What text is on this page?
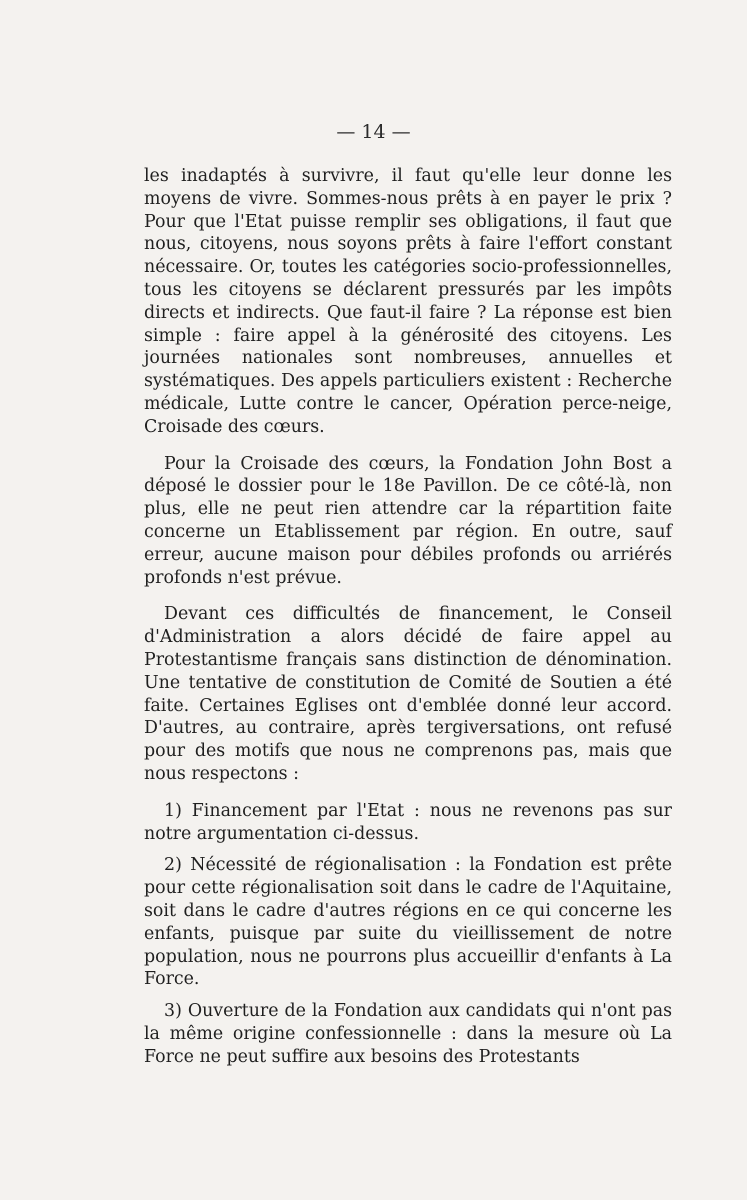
— 14 —

les inadaptés à survivre, il faut qu'elle leur donne les moyens de vivre. Sommes-nous prêts à en payer le prix ? Pour que l'Etat puisse remplir ses obligations, il faut que nous, citoyens, nous soyons prêts à faire l'effort constant nécessaire. Or, toutes les catégories socio-professionnelles, tous les citoyens se déclarent pressurés par les impôts directs et indirects. Que faut-il faire ? La réponse est bien simple : faire appel à la générosité des citoyens. Les journées nationales sont nombreuses, annuelles et systématiques. Des appels particuliers existent : Recherche médicale, Lutte contre le cancer, Opération perce-neige, Croisade des cœurs.

Pour la Croisade des cœurs, la Fondation John Bost a déposé le dossier pour le 18e Pavillon. De ce côté-là, non plus, elle ne peut rien attendre car la répartition faite concerne un Etablissement par région. En outre, sauf erreur, aucune maison pour débiles profonds ou arriérés profonds n'est prévue.

Devant ces difficultés de financement, le Conseil d'Administration a alors décidé de faire appel au Protestantisme français sans distinction de dénomination. Une tentative de constitution de Comité de Soutien a été faite. Certaines Eglises ont d'emblée donné leur accord. D'autres, au contraire, après tergiversations, ont refusé pour des motifs que nous ne comprenons pas, mais que nous respectons :

1) Financement par l'Etat : nous ne revenons pas sur notre argumentation ci-dessus.

2) Nécessité de régionalisation : la Fondation est prête pour cette régionalisation soit dans le cadre de l'Aquitaine, soit dans le cadre d'autres régions en ce qui concerne les enfants, puisque par suite du vieillissement de notre population, nous ne pourrons plus accueillir d'enfants à La Force.

3) Ouverture de la Fondation aux candidats qui n'ont pas la même origine confessionnelle : dans la mesure où La Force ne peut suffire aux besoins des Protestants
